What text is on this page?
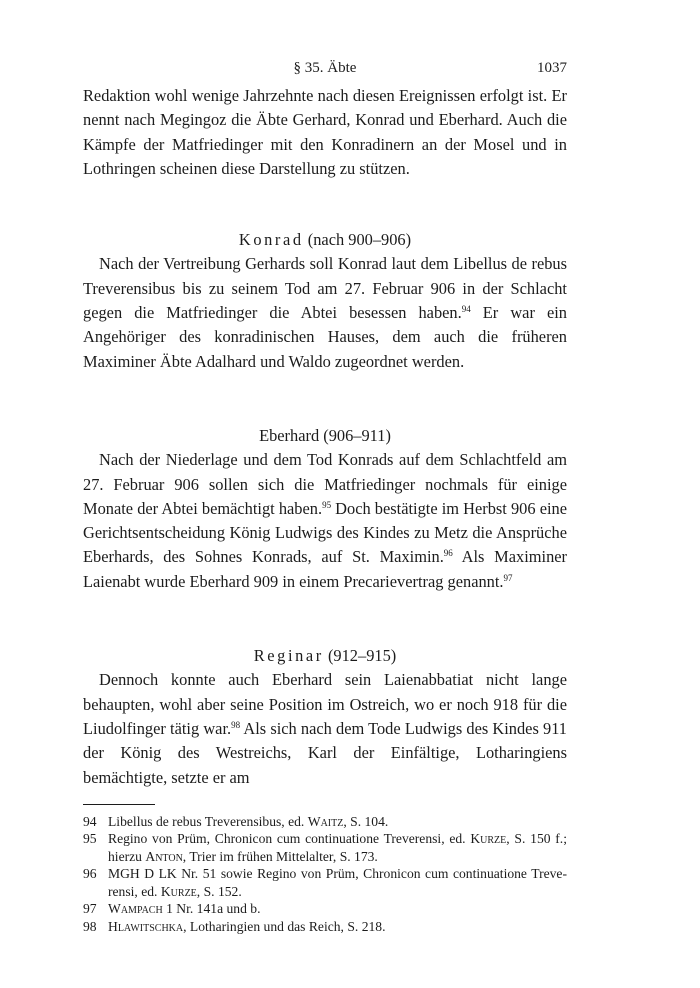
§ 35. Äbte	1037

Redaktion wohl wenige Jahrzehnte nach diesen Ereignissen erfolgt ist. Er nennt nach Megingoz die Äbte Gerhard, Konrad und Eberhard. Auch die Kämpfe der Matfriedinger mit den Konradinern an der Mosel und in Lothringen scheinen diese Darstellung zu stützen.

Konrad (nach 900–906)

Nach der Vertreibung Gerhards soll Konrad laut dem Libellus de rebus Treverensibus bis zu seinem Tod am 27. Februar 906 in der Schlacht gegen die Matfriedinger die Abtei besessen haben.$^{94}$ Er war ein Angehöriger des konradinischen Hauses, dem auch die früheren Maximiner Äbte Adalhard und Waldo zugeordnet werden.

Eberhard (906–911)

Nach der Niederlage und dem Tod Konrads auf dem Schlachtfeld am 27. Februar 906 sollen sich die Matfriedinger nochmals für einige Monate der Abtei bemächtigt haben.$^{95}$ Doch bestätigte im Herbst 906 eine Gerichtsentscheidung König Ludwigs des Kindes zu Metz die Ansprüche Eberhards, des Sohnes Konrads, auf St. Maximin.$^{96}$ Als Maximiner Laienabt wurde Eberhard 909 in einem Precarievertrag genannt.$^{97}$

Reginar (912–915)

Dennoch konnte auch Eberhard sein Laienabbatiat nicht lange behaupten, wohl aber seine Position im Ostreich, wo er noch 918 für die Liudolfinger tätig war.$^{98}$ Als sich nach dem Tode Ludwigs des Kindes 911 der König des Westreichs, Karl der Einfältige, Lotharingiens bemächtigte, setzte er am

94 Libellus de rebus Treverensibus, ed. Waitz, S. 104.
95 Regino von Prüm, Chronicon cum continuatione Treverensi, ed. Kurze, S. 150 f.; hierzu Anton, Trier im frühen Mittelalter, S. 173.
96 MGH D LK Nr. 51 sowie Regino von Prüm, Chronicon cum continuatione Treverensi, ed. Kurze, S. 152.
97 Wampach 1 Nr. 141a und b.
98 Hlawitschka, Lotharingien und das Reich, S. 218.
